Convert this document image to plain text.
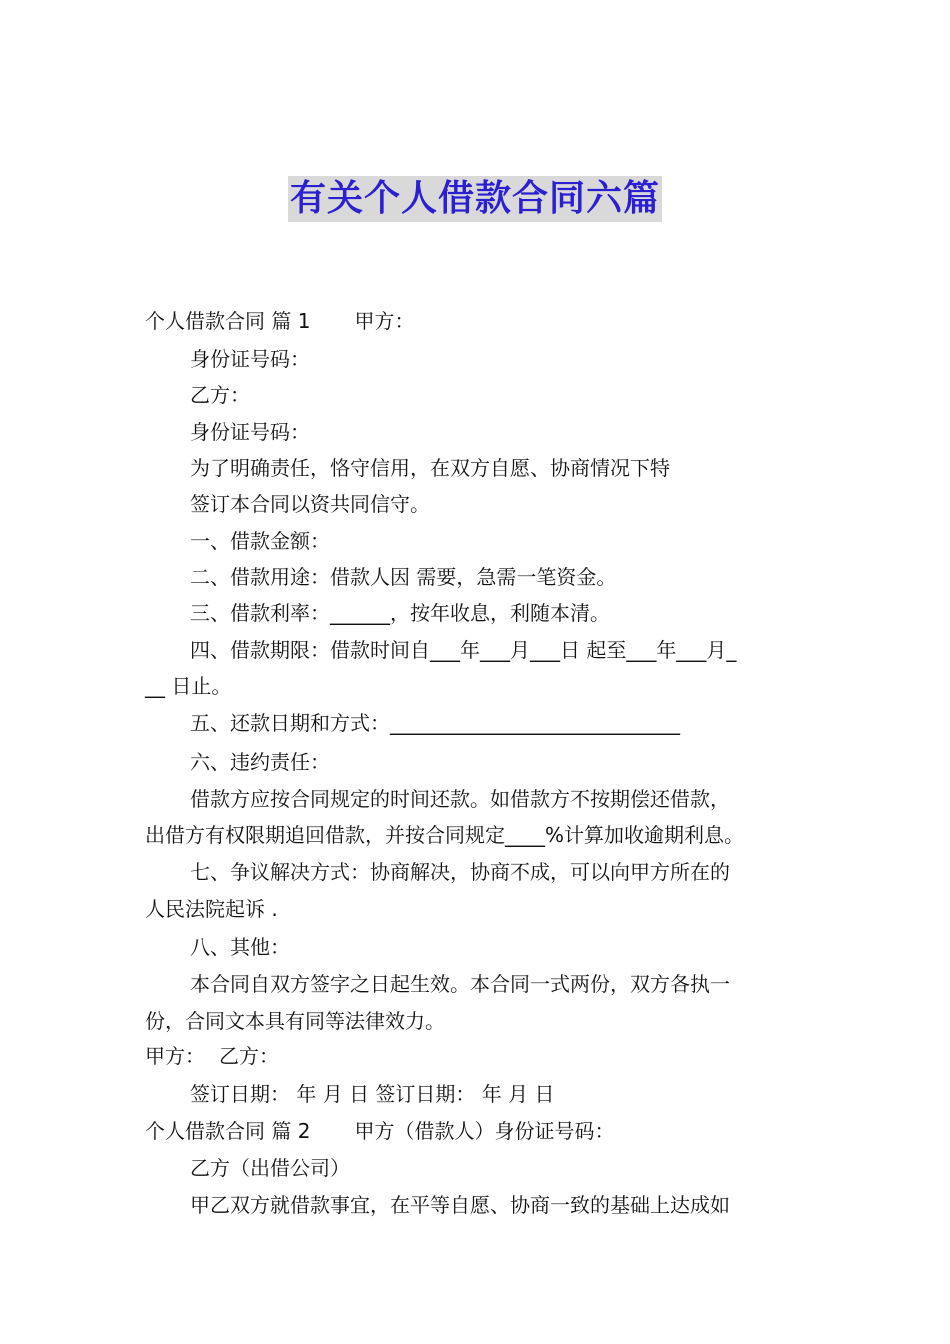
有关个人借款合同六篇
个人借款合同 篇 1 甲方：
身份证号码：
乙方：
身份证号码：
为了明确责任，恪守信用，在双方自愿、协商情况下特
签订本合同以资共同信守。
一、借款金额：
二、借款用途：借款人因 需要，急需一笔资金。
三、借款利率：______，按年收息，利随本清。
四、借款期限：借款时间自___年___月___日 起至___年___月_
__ 日止。
五、还款日期和方式：_____________________________
六、违约责任：
借款方应按合同规定的时间还款。如借款方不按期偿还借款，
出借方有权限期追回借款，并按合同规定____%计算加收逾期利息。
七、争议解决方式：协商解决，协商不成，可以向甲方所在的
人民法院起诉 .
八、其他：
本合同自双方签字之日起生效。本合同一式两份，双方各执一
份，合同文本具有同等法律效力。
甲方： 乙方：
签订日期： 年 月 日 签订日期： 年 月 日
个人借款合同 篇 2 甲方（借款人）身份证号码：
乙方（出借公司）
甲乙双方就借款事宜，在平等自愿、协商一致的基础上达成如
